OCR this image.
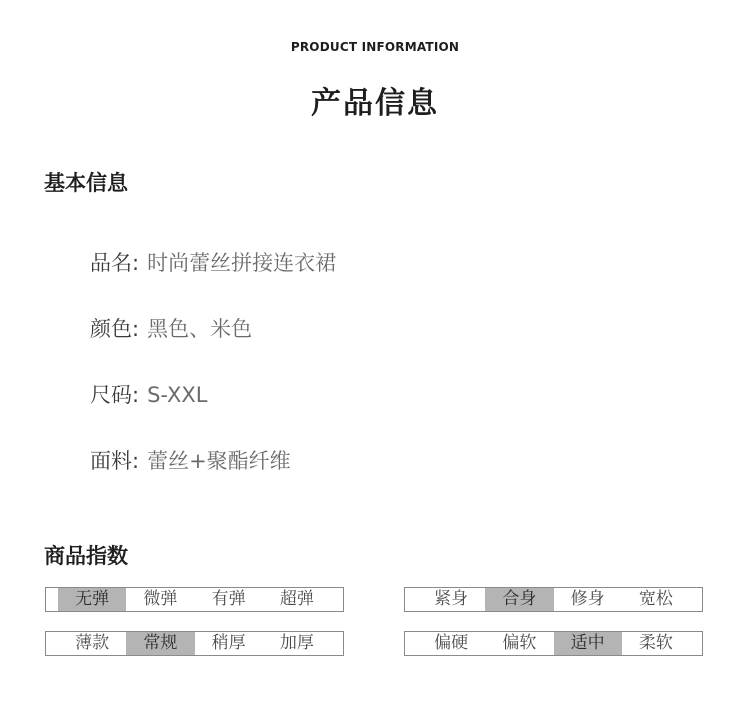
PRODUCT INFORMATION
产品信息
基本信息
品名: 时尚蕾丝拼接连衣裙
颜色: 黑色、米色
尺码: S-XXL
面料: 蕾丝+聚酯纤维
商品指数
无弹	微弹	有弹	超弹	紧身	合身	修身	宽松
薄款	常规	稍厚	加厚	偏硬	偏软	适中	柔软
